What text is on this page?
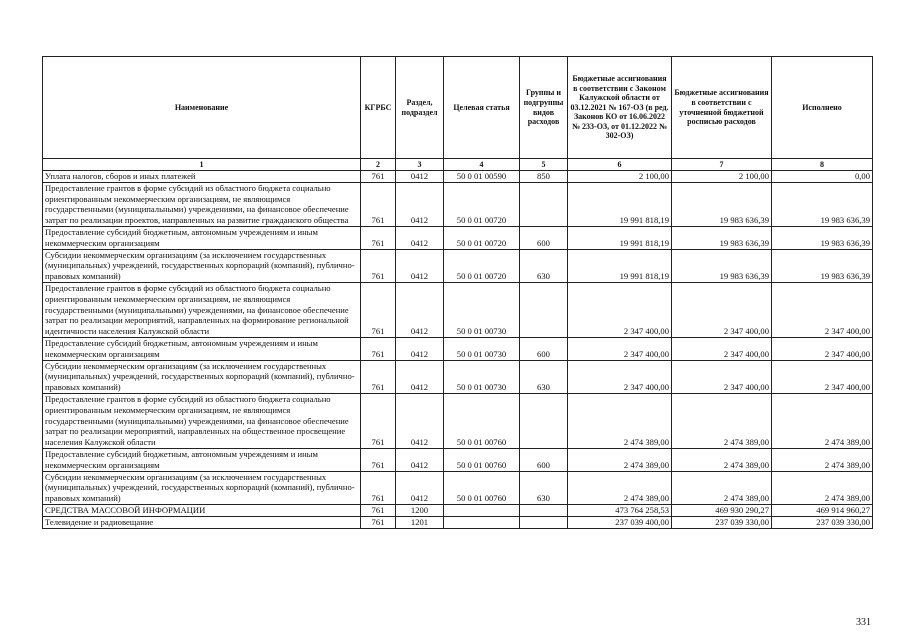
Наименование	КГРБС	Раздел, подраздел	Целевая статья	Группы и подгруппы видов расходов	Бюджетные ассигнования в соответствии с Законом Калужской области от 03.12.2021 № 167-ОЗ (в ред. Законов КО от 16.06.2022 № 233-ОЗ, от 01.12.2022 № 302-ОЗ)	Бюджетные ассигнования в соответствии с уточненной бюджетной росписью расходов	Исполнено
1	2	3	4	5	6	7	8
Уплата налогов, сборов и иных платежей	761	0412	50 0 01 00590	850	2 100,00	2 100,00	0,00
Предоставление грантов в форме субсидий из областного бюджета социально ориентированным некоммерческим организациям, не являющимся государственными (муниципальными) учреждениями, на финансовое обеспечение затрат по реализации проектов, направленных на развитие гражданского общества	761	0412	50 0 01 00720		19 991 818,19	19 983 636,39	19 983 636,39
Предоставление субсидий бюджетным, автономным учреждениям и иным некоммерческим организациям	761	0412	50 0 01 00720	600	19 991 818,19	19 983 636,39	19 983 636,39
Субсидии некоммерческим организациям (за исключением государственных (муниципальных) учреждений, государственных корпораций (компаний), публично-правовых компаний)	761	0412	50 0 01 00720	630	19 991 818,19	19 983 636,39	19 983 636,39
Предоставление грантов в форме субсидий из областного бюджета социально ориентированным некоммерческим организациям, не являющимся государственными (муниципальными) учреждениями, на финансовое обеспечение затрат по реализации мероприятий, направленных на формирование региональной идентичности населения Калужской области	761	0412	50 0 01 00730		2 347 400,00	2 347 400,00	2 347 400,00
Предоставление субсидий бюджетным, автономным учреждениям и иным некоммерческим организациям	761	0412	50 0 01 00730	600	2 347 400,00	2 347 400,00	2 347 400,00
Субсидии некоммерческим организациям (за исключением государственных (муниципальных) учреждений, государственных корпораций (компаний), публично-правовых компаний)	761	0412	50 0 01 00730	630	2 347 400,00	2 347 400,00	2 347 400,00
Предоставление грантов в форме субсидий из областного бюджета социально ориентированным некоммерческим организациям, не являющимся государственными (муниципальными) учреждениями, на финансовое обеспечение затрат по реализации мероприятий, направленных на общественное просвещение населения Калужской области	761	0412	50 0 01 00760		2 474 389,00	2 474 389,00	2 474 389,00
Предоставление субсидий бюджетным, автономным учреждениям и иным некоммерческим организациям	761	0412	50 0 01 00760	600	2 474 389,00	2 474 389,00	2 474 389,00
Субсидии некоммерческим организациям (за исключением государственных (муниципальных) учреждений, государственных корпораций (компаний), публично-правовых компаний)	761	0412	50 0 01 00760	630	2 474 389,00	2 474 389,00	2 474 389,00
СРЕДСТВА МАССОВОЙ ИНФОРМАЦИИ	761	1200			473 764 258,53	469 930 290,27	469 914 960,27
Телевидение и радиовещание	761	1201			237 039 400,00	237 039 330,00	237 039 330,00
331
